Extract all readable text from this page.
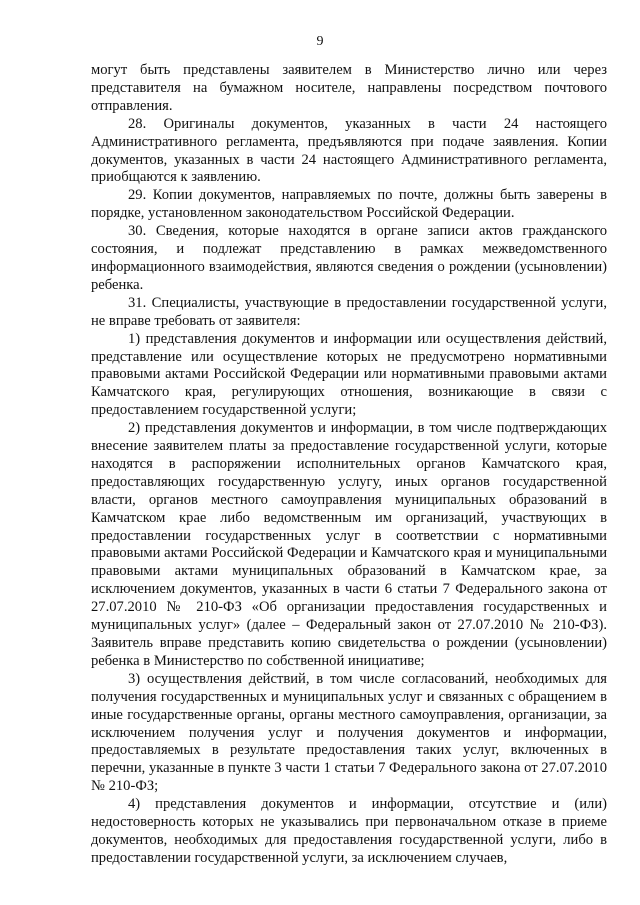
9

могут быть представлены заявителем в Министерство лично или через представителя на бумажном носителе, направлены посредством почтового отправления.

28. Оригиналы документов, указанных в части 24 настоящего Административного регламента, предъявляются при подаче заявления. Копии документов, указанных в части 24 настоящего Административного регламента, приобщаются к заявлению.

29. Копии документов, направляемых по почте, должны быть заверены в порядке, установленном законодательством Российской Федерации.

30. Сведения, которые находятся в органе записи актов гражданского состояния, и подлежат представлению в рамках межведомственного информационного взаимодействия, являются сведения о рождении (усыновлении) ребенка.

31. Специалисты, участвующие в предоставлении государственной услуги, не вправе требовать от заявителя:

1) представления документов и информации или осуществления действий, представление или осуществление которых не предусмотрено нормативными правовыми актами Российской Федерации или нормативными правовыми актами Камчатского края, регулирующих отношения, возникающие в связи с предоставлением государственной услуги;

2) представления документов и информации, в том числе подтверждающих внесение заявителем платы за предоставление государственной услуги, которые находятся в распоряжении исполнительных органов Камчатского края, предоставляющих государственную услугу, иных органов государственной власти, органов местного самоуправления муниципальных образований в Камчатском крае либо ведомственным им организаций, участвующих в предоставлении государственных услуг в соответствии с нормативными правовыми актами Российской Федерации и Камчатского края и муниципальными правовыми актами муниципальных образований в Камчатском крае, за исключением документов, указанных в части 6 статьи 7 Федерального закона от 27.07.2010 № 210-ФЗ «Об организации предоставления государственных и муниципальных услуг» (далее – Федеральный закон от 27.07.2010 № 210-ФЗ). Заявитель вправе представить копию свидетельства о рождении (усыновлении) ребенка в Министерство по собственной инициативе;

3) осуществления действий, в том числе согласований, необходимых для получения государственных и муниципальных услуг и связанных с обращением в иные государственные органы, органы местного самоуправления, организации, за исключением получения услуг и получения документов и информации, предоставляемых в результате предоставления таких услуг, включенных в перечни, указанные в пункте 3 части 1 статьи 7 Федерального закона от 27.07.2010 № 210-ФЗ;

4) представления документов и информации, отсутствие и (или) недостоверность которых не указывались при первоначальном отказе в приеме документов, необходимых для предоставления государственной услуги, либо в предоставлении государственной услуги, за исключением случаев,
